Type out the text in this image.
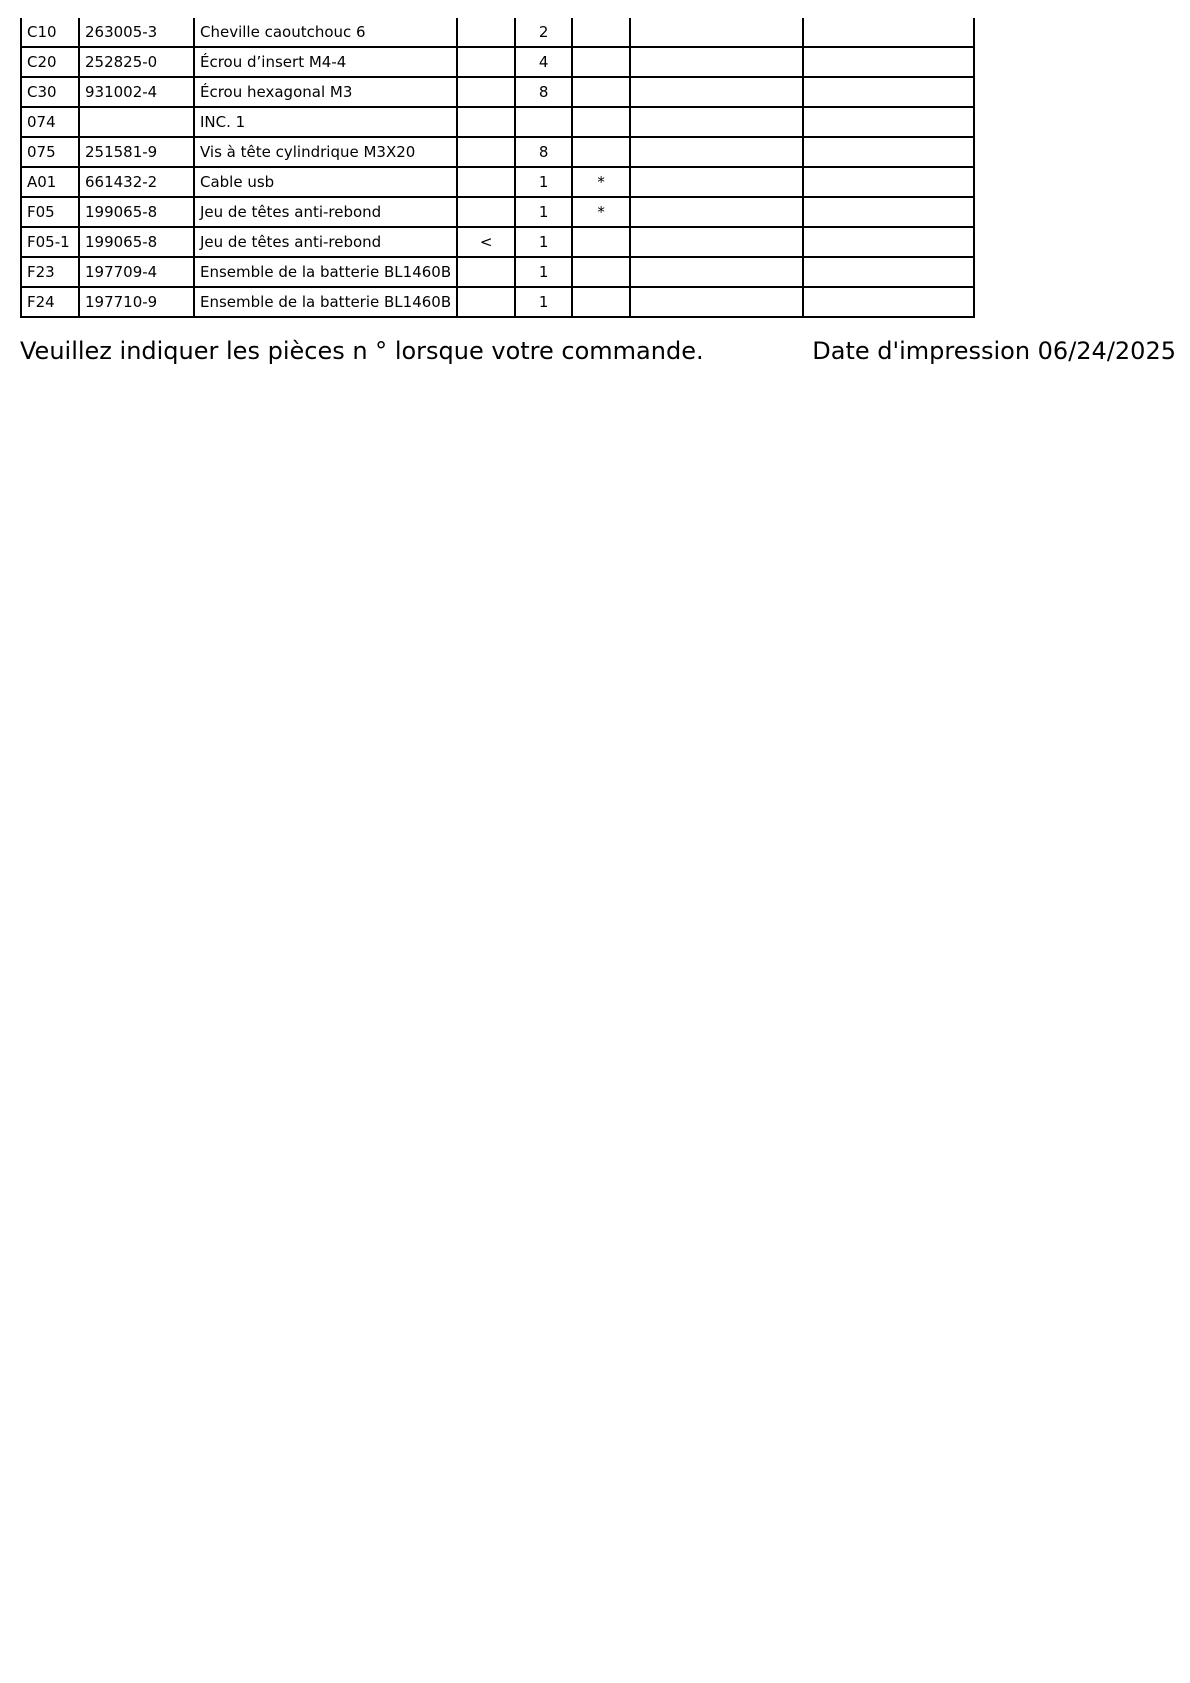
C10	263005-3	Cheville caoutchouc 6		2			
C20	252825-0	Écrou d’insert M4-4		4			
C30	931002-4	Écrou hexagonal M3		8			
074		INC. 1					
075	251581-9	Vis à tête cylindrique M3X20		8			
A01	661432-2	Cable usb		1	*		
F05	199065-8	Jeu de têtes anti-rebond		1	*		
F05-1	199065-8	Jeu de têtes anti-rebond	<	1			
F23	197709-4	Ensemble de la batterie BL1460B		1			
F24	197710-9	Ensemble de la batterie BL1460B		1			
Veuillez indiquer les pièces n ° lorsque votre commande.	Date d'impression 06/24/2025
